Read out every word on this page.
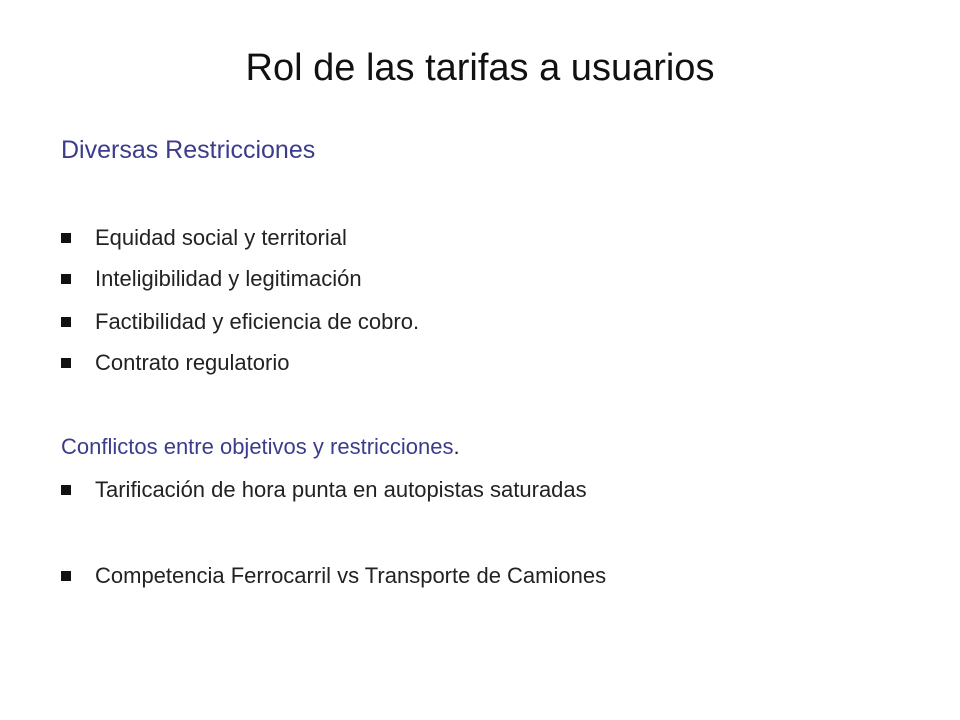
Rol de las tarifas a usuarios
Diversas Restricciones
Equidad social y territorial
Inteligibilidad y legitimación
Factibilidad y eficiencia de cobro.
Contrato regulatorio
Conflictos entre objetivos y restricciones.
Tarificación de hora punta en autopistas saturadas
Competencia Ferrocarril vs Transporte de Camiones
